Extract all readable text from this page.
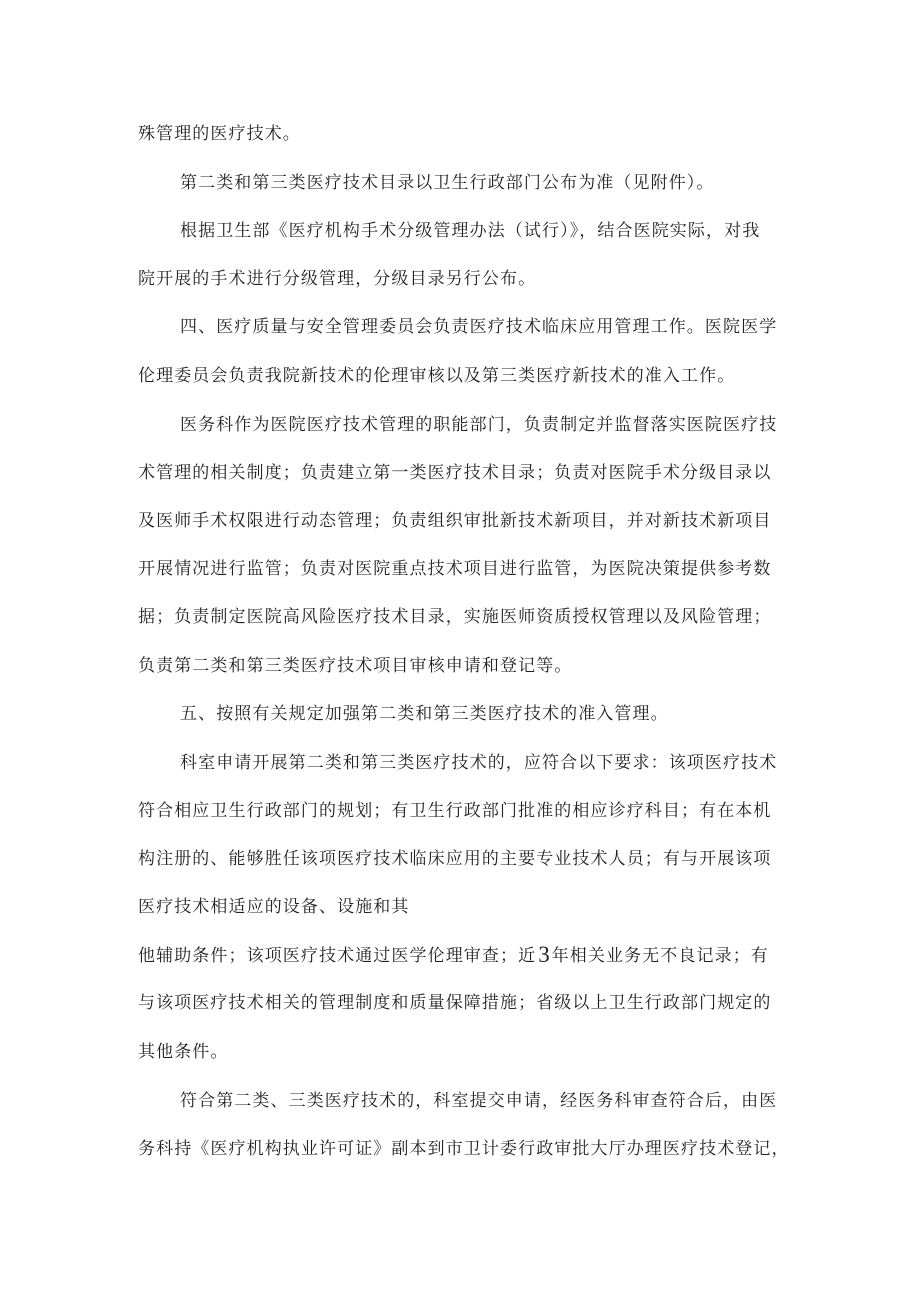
殊管理的医疗技术。
第二类和第三类医疗技术目录以卫生行政部门公布为准（见附件）。
根据卫生部《医疗机构手术分级管理办法（试行）》，结合医院实际，对我
院开展的手术进行分级管理，分级目录另行公布。
四、医疗质量与安全管理委员会负责医疗技术临床应用管理工作。医院医学
伦理委员会负责我院新技术的伦理审核以及第三类医疗新技术的准入工作。
医务科作为医院医疗技术管理的职能部门，负责制定并监督落实医院医疗技
术管理的相关制度；负责建立第一类医疗技术目录；负责对医院手术分级目录以
及医师手术权限进行动态管理；负责组织审批新技术新项目，并对新技术新项目
开展情况进行监管；负责对医院重点技术项目进行监管，为医院决策提供参考数
据；负责制定医院高风险医疗技术目录，实施医师资质授权管理以及风险管理；
负责第二类和第三类医疗技术项目审核申请和登记等。
五、按照有关规定加强第二类和第三类医疗技术的准入管理。
科室申请开展第二类和第三类医疗技术的，应符合以下要求：该项医疗技术
符合相应卫生行政部门的规划；有卫生行政部门批准的相应诊疗科目；有在本机
构注册的、能够胜任该项医疗技术临床应用的主要专业技术人员；有与开展该项
医疗技术相适应的设备、设施和其
他辅助条件；该项医疗技术通过医学伦理审查；近3 年相关业务无不良记录；有
与该项医疗技术相关的管理制度和质量保障措施；省级以上卫生行政部门规定的
其他条件。
符合第二类、三类医疗技术的，科室提交申请，经医务科审查符合后，由医
务科持《医疗机构执业许可证》副本到市卫计委行政审批大厅办理医疗技术登记，
